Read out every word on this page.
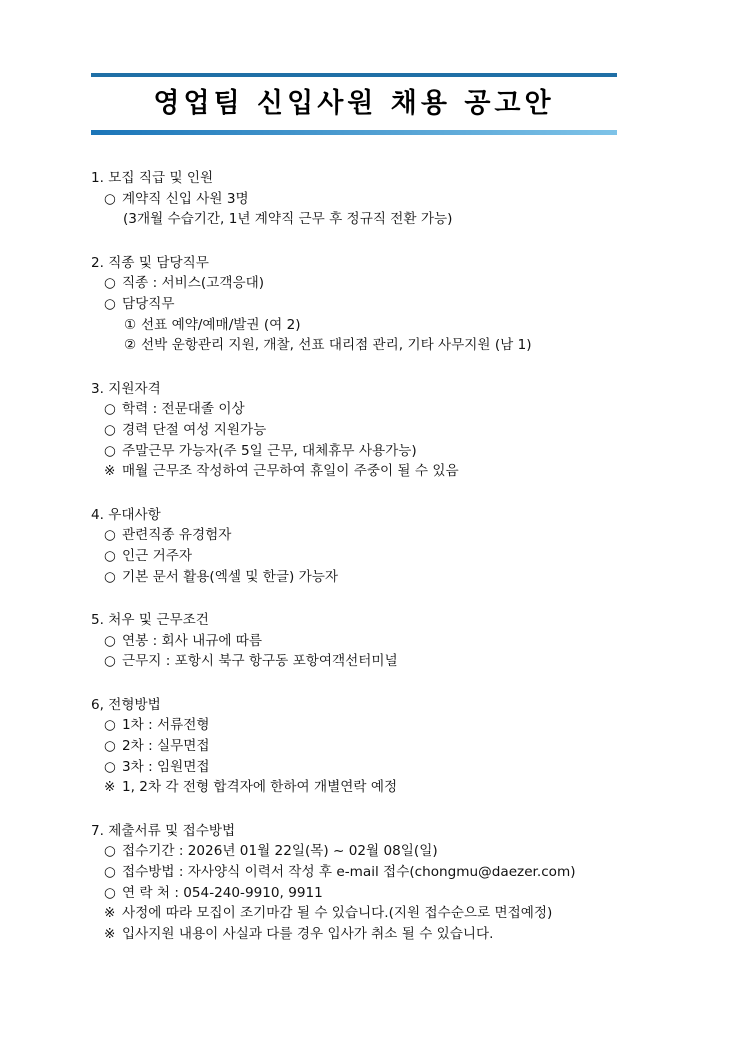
영업팀 신입사원 채용 공고안
1. 모집 직급 및 인원
○ 계약직 신입 사원 3명
(3개월 수습기간, 1년 계약직 근무 후 정규직 전환 가능)
2. 직종 및 담당직무
○ 직종 : 서비스(고객응대)
○ 담당직무
① 선표 예약/예매/발권 (여 2)
② 선박 운항관리 지원, 개찰, 선표 대리점 관리, 기타 사무지원 (남 1)
3. 지원자격
○ 학력 : 전문대졸 이상
○ 경력 단절 여성 지원가능
○ 주말근무 가능자(주 5일 근무, 대체휴무 사용가능)
※ 매월 근무조 작성하여 근무하여 휴일이 주중이 될 수 있음
4. 우대사항
○ 관련직종 유경험자
○ 인근 거주자
○ 기본 문서 활용(엑셀 및 한글) 가능자
5. 처우 및 근무조건
○ 연봉 : 회사 내규에 따름
○ 근무지 : 포항시 북구 항구동 포항여객선터미널
6, 전형방법
○ 1차 : 서류전형
○ 2차 : 실무면접
○ 3차 : 임원면접
※ 1, 2차 각 전형 합격자에 한하여 개별연락 예정
7. 제출서류 및 접수방법
○ 접수기간 : 2026년 01월 22일(목) ~ 02월 08일(일)
○ 접수방법 : 자사양식 이력서 작성 후 e-mail 접수(chongmu@daezer.com)
○ 연 락 처 : 054-240-9910, 9911
※ 사정에 따라 모집이 조기마감 될 수 있습니다.(지원 접수순으로 면접예정)
※ 입사지원 내용이 사실과 다를 경우 입사가 취소 될 수 있습니다.
